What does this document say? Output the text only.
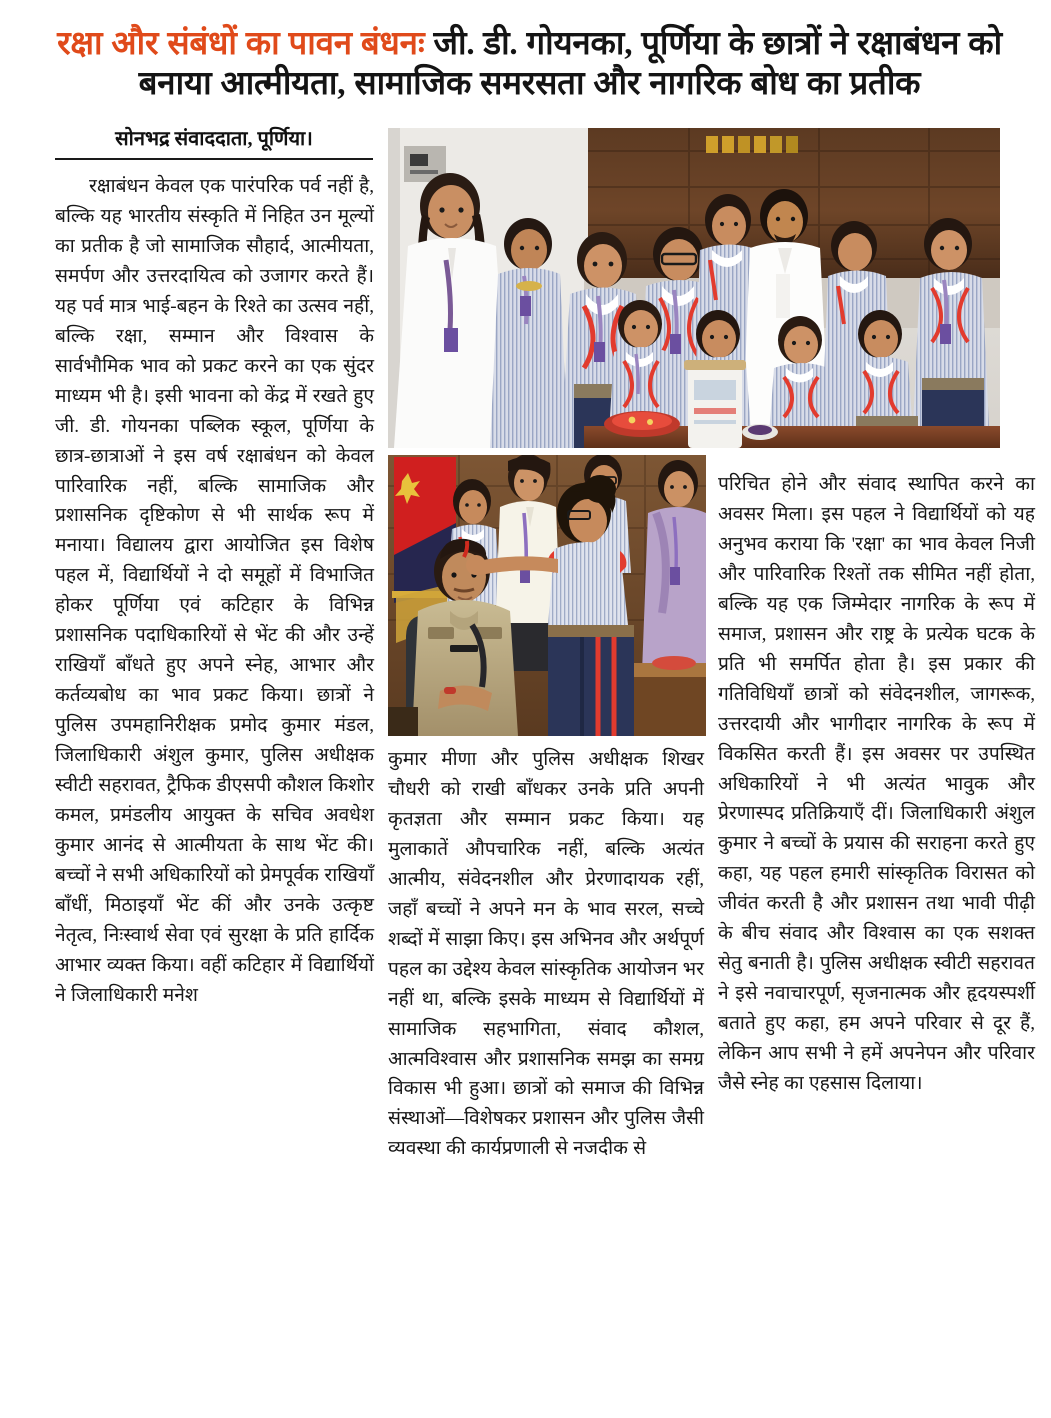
रक्षा और संबंधों का पावन बंधनः जी. डी. गोयनका, पूर्णिया के छात्रों ने रक्षाबंधन को बनाया आत्मीयता, सामाजिक समरसता और नागरिक बोध का प्रतीक
सोनभद्र संवाददाता, पूर्णिया।

रक्षाबंधन केवल एक पारंपरिक पर्व नहीं है, बल्कि यह भारतीय संस्कृति में निहित उन मूल्यों का प्रतीक है जो सामाजिक सौहार्द, आत्मीयता, समर्पण और उत्तरदायित्व को उजागर करते हैं। यह पर्व मात्र भाई-बहन के रिश्ते का उत्सव नहीं, बल्कि रक्षा, सम्मान और विश्वास के सार्वभौमिक भाव को प्रकट करने का एक सुंदर माध्यम भी है। इसी भावना को केंद्र में रखते हुए जी. डी. गोयनका पब्लिक स्कूल, पूर्णिया के छात्र-छात्राओं ने इस वर्ष रक्षाबंधन को केवल पारिवारिक नहीं, बल्कि सामाजिक और प्रशासनिक दृष्टिकोण से भी सार्थक रूप में मनाया। विद्यालय द्वारा आयोजित इस विशेष पहल में, विद्यार्थियों ने दो समूहों में विभाजित होकर पूर्णिया एवं कटिहार के विभिन्न प्रशासनिक पदाधिकारियों से भेंट की और उन्हें राखियाँ बाँधते हुए अपने स्नेह, आभार और कर्तव्यबोध का भाव प्रकट किया। छात्रों ने पुलिस उपमहानिरीक्षक प्रमोद कुमार मंडल, जिलाधिकारी अंशुल कुमार, पुलिस अधीक्षक स्वीटी सहरावत, ट्रैफिक डीएसपी कौशल किशोर कमल, प्रमंडलीय आयुक्त के सचिव अवधेश कुमार आनंद से आत्मीयता के साथ भेंट की। बच्चों ने सभी अधिकारियों को प्रेमपूर्वक राखियाँ बाँधीं, मिठाइयाँ भेंट कीं और उनके उत्कृष्ट नेतृत्व, निःस्वार्थ सेवा एवं सुरक्षा के प्रति हार्दिक आभार व्यक्त किया। वहीं कटिहार में विद्यार्थियों ने जिलाधिकारी मनेश

कुमार मीणा और पुलिस अधीक्षक शिखर चौधरी को राखी बाँधकर उनके प्रति अपनी कृतज्ञता और सम्मान प्रकट किया। यह मुलाकातें औपचारिक नहीं, बल्कि अत्यंत आत्मीय, संवेदनशील और प्रेरणादायक रहीं, जहाँ बच्चों ने अपने मन के भाव सरल, सच्चे शब्दों में साझा किए। इस अभिनव और अर्थपूर्ण पहल का उद्देश्य केवल सांस्कृतिक आयोजन भर नहीं था, बल्कि इसके माध्यम से विद्यार्थियों में सामाजिक सहभागिता, संवाद कौशल, आत्मविश्वास और प्रशासनिक समझ का समग्र विकास भी हुआ। छात्रों को समाज की विभिन्न संस्थाओं—विशेषकर प्रशासन और पुलिस जैसी व्यवस्था की कार्यप्रणाली से नजदीक से

परिचित होने और संवाद स्थापित करने का अवसर मिला। इस पहल ने विद्यार्थियों को यह अनुभव कराया कि 'रक्षा' का भाव केवल निजी और पारिवारिक रिश्तों तक सीमित नहीं होता, बल्कि यह एक जिम्मेदार नागरिक के रूप में समाज, प्रशासन और राष्ट्र के प्रत्येक घटक के प्रति भी समर्पित होता है। इस प्रकार की गतिविधियाँ छात्रों को संवेदनशील, जागरूक, उत्तरदायी और भागीदार नागरिक के रूप में विकसित करती हैं। इस अवसर पर उपस्थित अधिकारियों ने भी अत्यंत भावुक और प्रेरणास्पद प्रतिक्रियाएँ दीं। जिलाधिकारी अंशुल कुमार ने बच्चों के प्रयास की सराहना करते हुए कहा, यह पहल हमारी सांस्कृतिक विरासत को जीवंत करती है और प्रशासन तथा भावी पीढ़ी के बीच संवाद और विश्वास का एक सशक्त सेतु बनाती है। पुलिस अधीक्षक स्वीटी सहरावत ने इसे नवाचारपूर्ण, सृजनात्मक और हृदयस्पर्शी बताते हुए कहा, हम अपने परिवार से दूर हैं, लेकिन आप सभी ने हमें अपनेपन और परिवार जैसे स्नेह का एहसास दिलाया।
